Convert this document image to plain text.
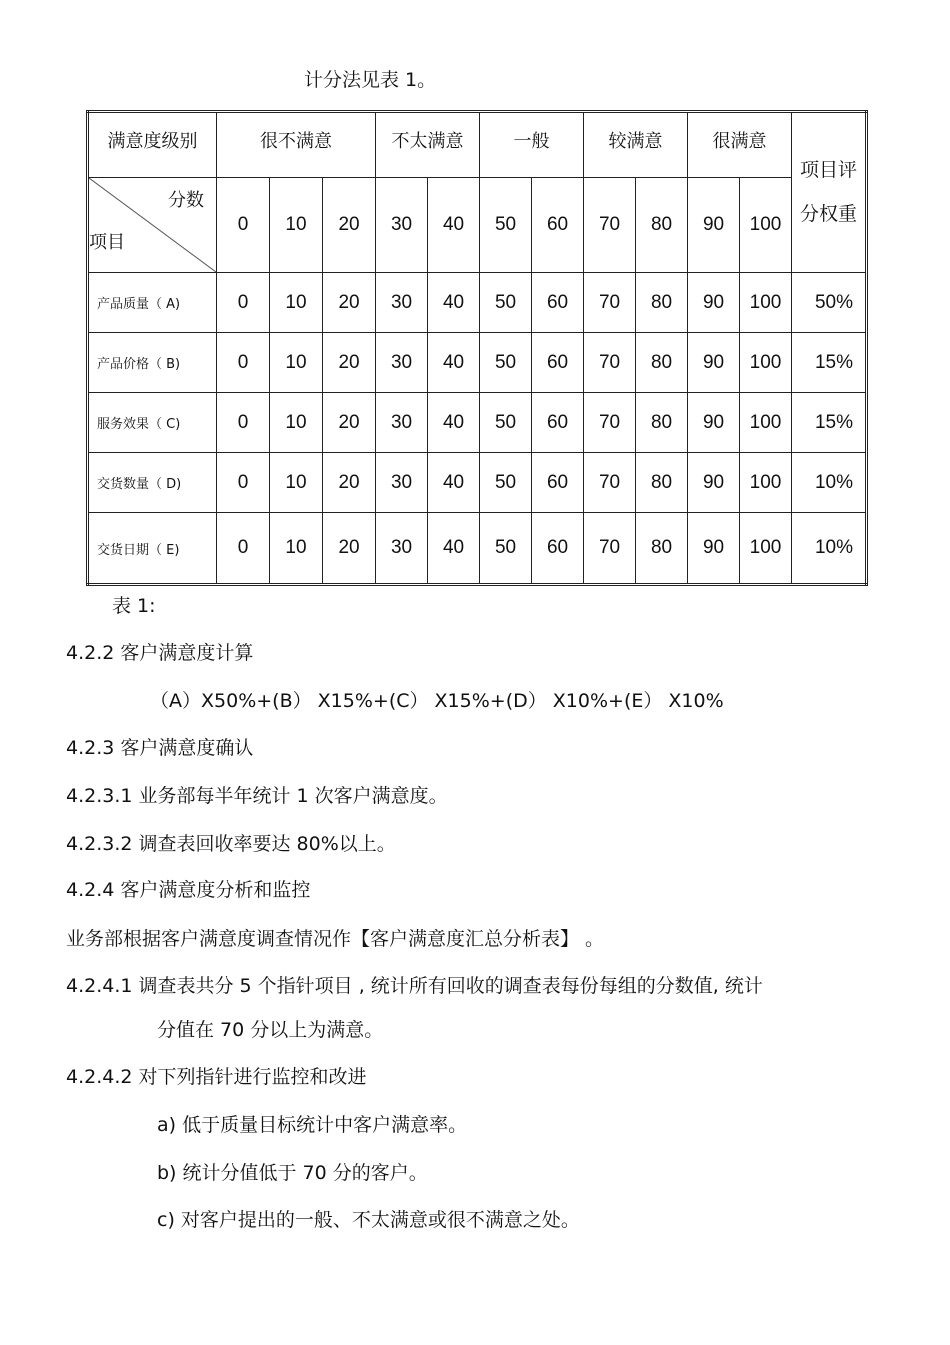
计分法见表 1。
满意度级别	很不满意			不太满意		一般		较满意		很满意		项目评
分权重

分数
项目	0	10	20	30	40	50	60	70	80	90	100	
产品质量（ A)	0	10	20	30	40	50	60	70	80	90	100	50%
产品价格（ B)	0	10	20	30	40	50	60	70	80	90	100	15%
服务效果（ C)	0	10	20	30	40	50	60	70	80	90	100	15%
交货数量（ D)	0	10	20	30	40	50	60	70	80	90	100	10%
交货日期（ E)	0	10	20	30	40	50	60	70	80	90	100	10%
表 1:
4.2.2 客户满意度计算
（A）X50%+(B） X15%+(C） X15%+(D） X10%+(E） X10%
4.2.3 客户满意度确认
4.2.3.1 业务部每半年统计 1 次客户满意度。
4.2.3.2 调查表回收率要达 80%以上。
4.2.4 客户满意度分析和监控
业务部根据客户满意度调查情况作【客户满意度汇总分析表】 。
4.2.4.1 调查表共分 5 个指针项目 , 统计所有回收的调查表每份每组的分数值, 统计
分值在 70 分以上为满意。
4.2.4.2 对下列指针进行监控和改进
a) 低于质量目标统计中客户满意率。
b) 统计分值低于 70 分的客户。
c) 对客户提出的一般、不太满意或很不满意之处。
